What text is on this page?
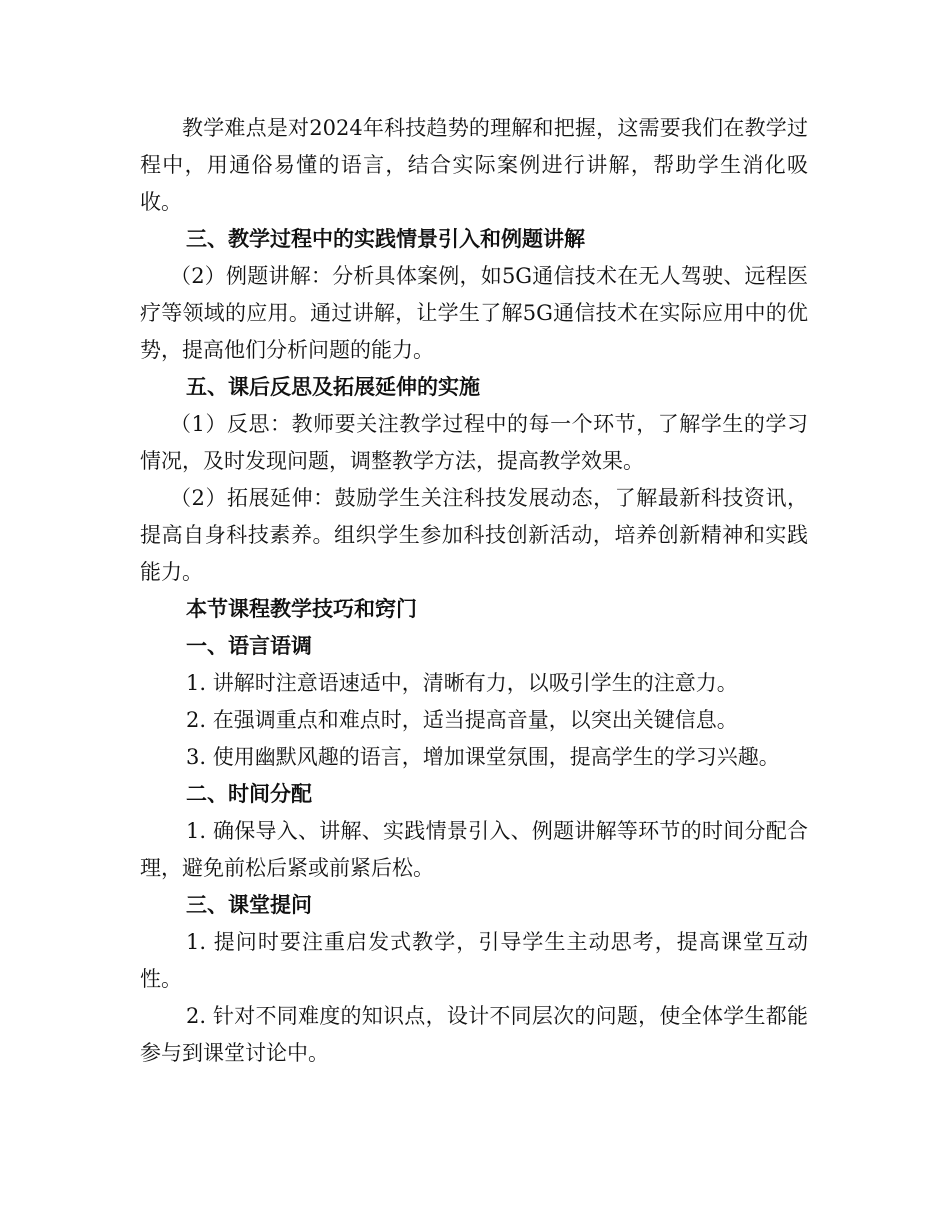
教学难点是对2024年科技趋势的理解和把握，这需要我们在教学过程中，用通俗易懂的语言，结合实际案例进行讲解，帮助学生消化吸收。

三、教学过程中的实践情景引入和例题讲解

（2）例题讲解：分析具体案例，如5G通信技术在无人驾驶、远程医疗等领域的应用。通过讲解，让学生了解5G通信技术在实际应用中的优势，提高他们分析问题的能力。

五、课后反思及拓展延伸的实施

（1）反思：教师要关注教学过程中的每一个环节，了解学生的学习情况，及时发现问题，调整教学方法，提高教学效果。

（2）拓展延伸：鼓励学生关注科技发展动态，了解最新科技资讯，提高自身科技素养。组织学生参加科技创新活动，培养创新精神和实践能力。

本节课程教学技巧和窍门

一、语言语调

1. 讲解时注意语速适中，清晰有力，以吸引学生的注意力。

2. 在强调重点和难点时，适当提高音量，以突出关键信息。

3. 使用幽默风趣的语言，增加课堂氛围，提高学生的学习兴趣。

二、时间分配

1. 确保导入、讲解、实践情景引入、例题讲解等环节的时间分配合理，避免前松后紧或前紧后松。

三、课堂提问

1. 提问时要注重启发式教学，引导学生主动思考，提高课堂互动性。

2. 针对不同难度的知识点，设计不同层次的问题，使全体学生都能参与到课堂讨论中。
